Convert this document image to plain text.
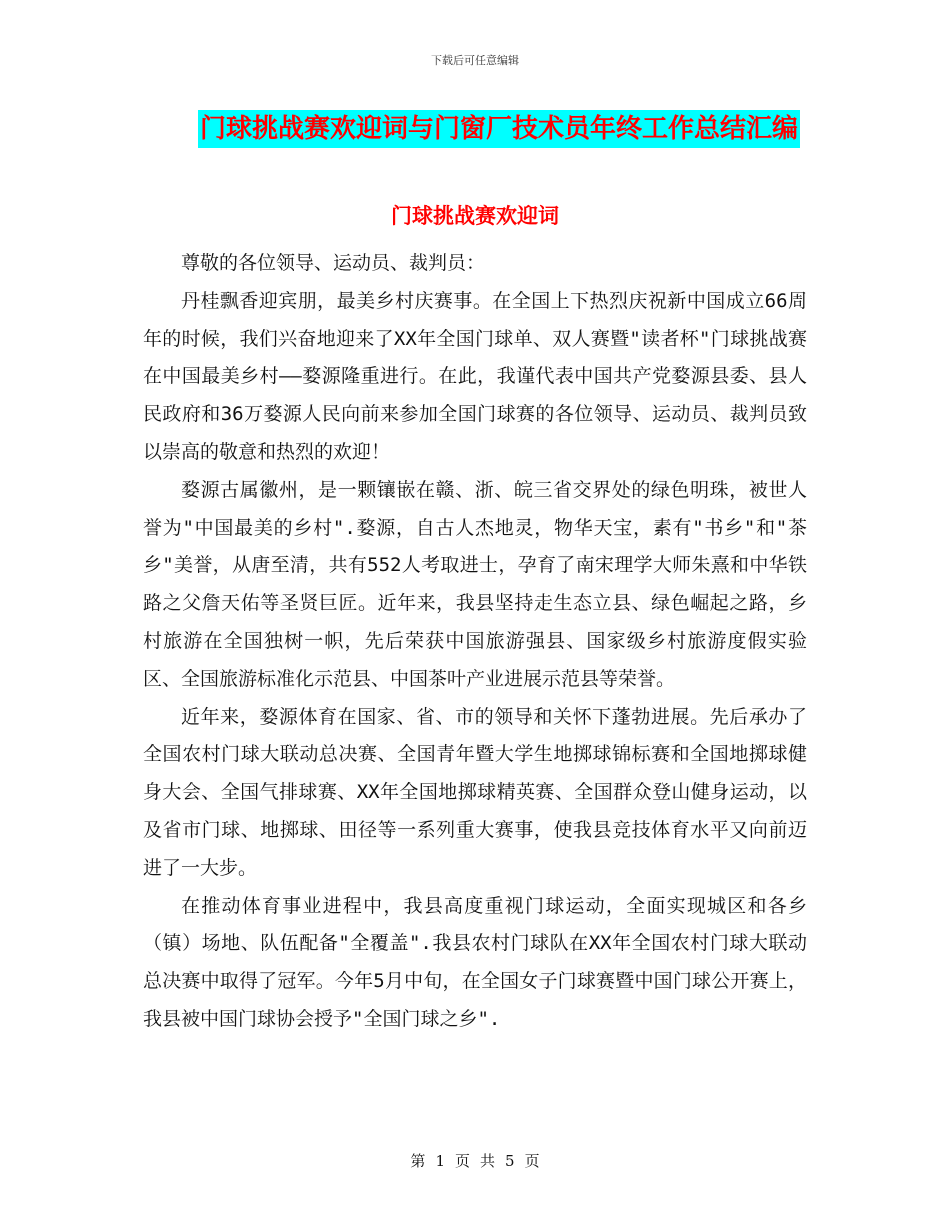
下载后可任意编辑
门球挑战赛欢迎词与门窗厂技术员年终工作总结汇编
门球挑战赛欢迎词

尊敬的各位领导、运动员、裁判员：

丹桂飘香迎宾朋，最美乡村庆赛事。在全国上下热烈庆祝新中国成立66周年的时候，我们兴奋地迎来了XX年全国门球单、双人赛暨"读者杯"门球挑战赛在中国最美乡村——婺源隆重进行。在此，我谨代表中国共产党婺源县委、县人民政府和36万婺源人民向前来参加全国门球赛的各位领导、运动员、裁判员致以崇高的敬意和热烈的欢迎！

婺源古属徽州，是一颗镶嵌在赣、浙、皖三省交界处的绿色明珠，被世人誉为"中国最美的乡村".婺源，自古人杰地灵，物华天宝，素有"书乡"和"茶乡"美誉，从唐至清，共有552人考取进士，孕育了南宋理学大师朱熹和中华铁路之父詹天佑等圣贤巨匠。近年来，我县坚持走生态立县、绿色崛起之路，乡村旅游在全国独树一帜，先后荣获中国旅游强县、国家级乡村旅游度假实验区、全国旅游标准化示范县、中国茶叶产业进展示范县等荣誉。

近年来，婺源体育在国家、省、市的领导和关怀下蓬勃进展。先后承办了全国农村门球大联动总决赛、全国青年暨大学生地掷球锦标赛和全国地掷球健身大会、全国气排球赛、XX年全国地掷球精英赛、全国群众登山健身运动，以及省市门球、地掷球、田径等一系列重大赛事，使我县竞技体育水平又向前迈进了一大步。

在推动体育事业进程中，我县高度重视门球运动，全面实现城区和各乡（镇）场地、队伍配备"全覆盖".我县农村门球队在XX年全国农村门球大联动总决赛中取得了冠军。今年5月中旬，在全国女子门球赛暨中国门球公开赛上，我县被中国门球协会授予"全国门球之乡".

第 1 页 共 5 页
